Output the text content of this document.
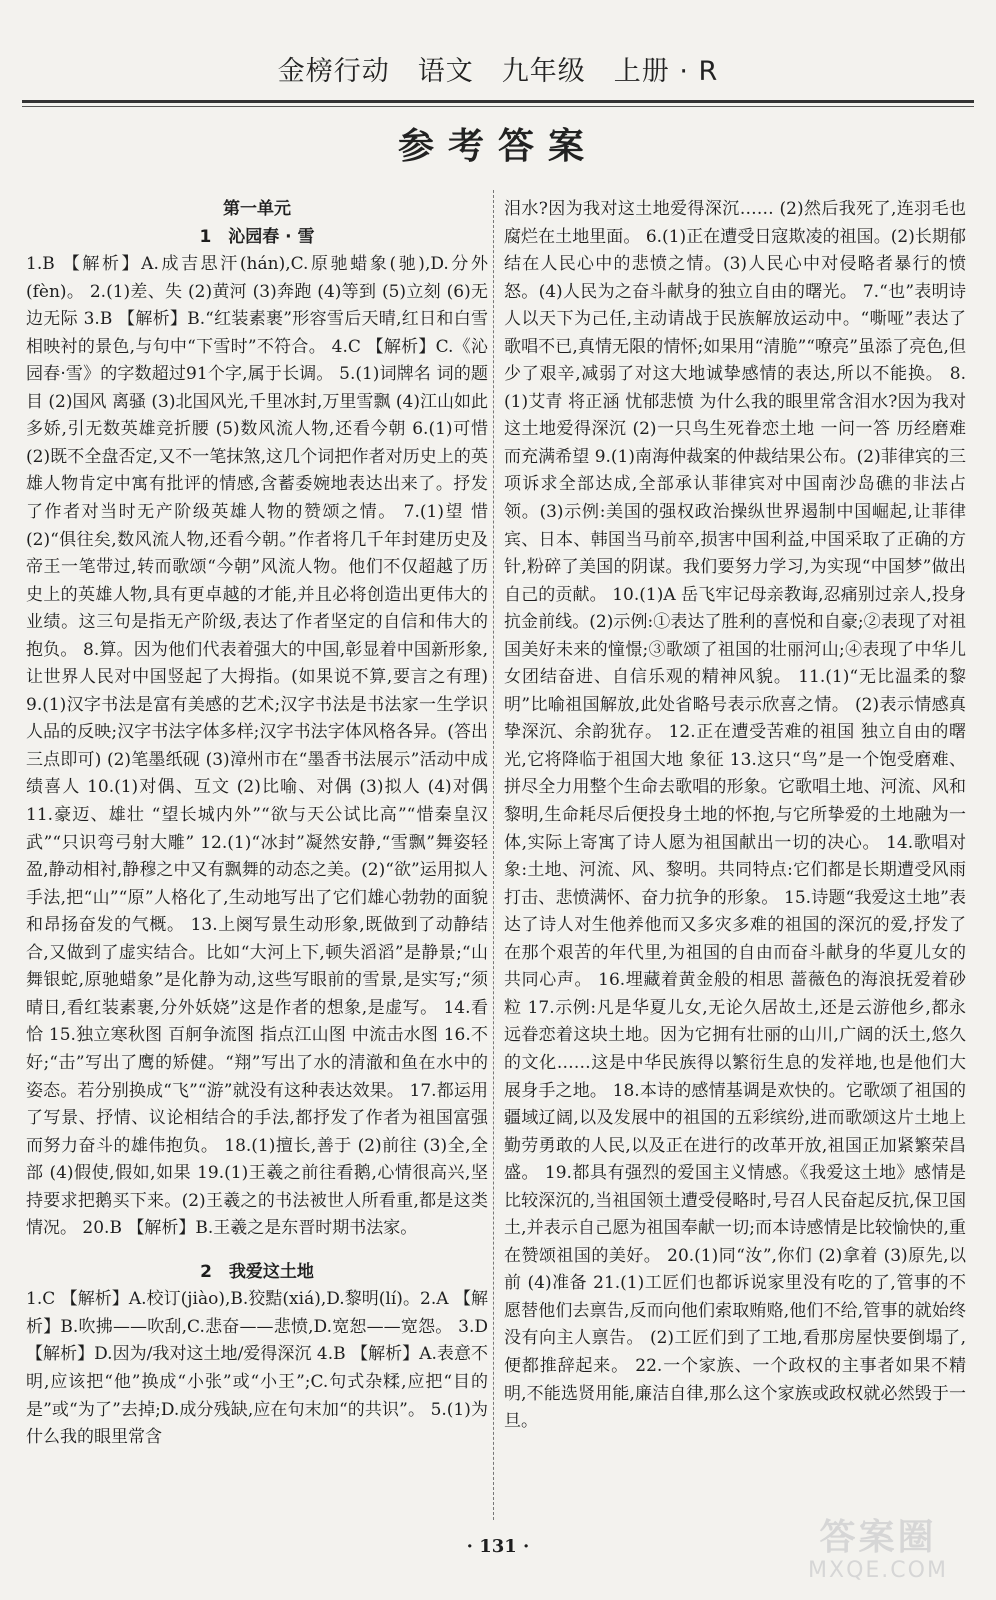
金榜行动　语文　九年级　上册 · R
参考答案

第一单元

1　沁园春 · 雪

1.B 【解析】A.成吉思汗(hán),C.原驰蜡象(驰),D.分外(fèn)。 2.(1)差、失 (2)黄河 (3)奔跑 (4)等到 (5)立刻 (6)无边无际 3.B 【解析】B.“红装素裹”形容雪后天晴,红日和白雪相映衬的景色,与句中“下雪时”不符合。 4.C 【解析】C.《沁园春·雪》的字数超过91个字,属于长调。 5.(1)词牌名 词的题目 (2)国风 离骚 (3)北国风光,千里冰封,万里雪飘 (4)江山如此多娇,引无数英雄竞折腰 (5)数风流人物,还看今朝 6.(1)可惜 (2)既不全盘否定,又不一笔抹煞,这几个词把作者对历史上的英雄人物肯定中寓有批评的情感,含蓄委婉地表达出来了。抒发了作者对当时无产阶级英雄人物的赞颂之情。 7.(1)望 惜 (2)“俱往矣,数风流人物,还看今朝。”作者将几千年封建历史及帝王一笔带过,转而歌颂“今朝”风流人物。他们不仅超越了历史上的英雄人物,具有更卓越的才能,并且必将创造出更伟大的业绩。这三句是指无产阶级,表达了作者坚定的自信和伟大的抱负。 8.算。因为他们代表着强大的中国,彰显着中国新形象,让世界人民对中国竖起了大拇指。(如果说不算,要言之有理) 9.(1)汉字书法是富有美感的艺术;汉字书法是书法家一生学识人品的反映;汉字书法字体多样;汉字书法字体风格各异。(答出三点即可) (2)笔墨纸砚 (3)漳州市在“墨香书法展示”活动中成绩喜人 10.(1)对偶、互文 (2)比喻、对偶 (3)拟人 (4)对偶 11.豪迈、雄壮 “望长城内外”“欲与天公试比高”“惜秦皇汉武”“只识弯弓射大雕” 12.(1)“冰封”凝然安静,“雪飘”舞姿轻盈,静动相衬,静穆之中又有飘舞的动态之美。(2)“欲”运用拟人手法,把“山”“原”人格化了,生动地写出了它们雄心勃勃的面貌和昂扬奋发的气概。 13.上阕写景生动形象,既做到了动静结合,又做到了虚实结合。比如“大河上下,顿失滔滔”是静景;“山舞银蛇,原驰蜡象”是化静为动,这些写眼前的雪景,是实写;“须晴日,看红装素裹,分外妖娆”这是作者的想象,是虚写。 14.看 恰 15.独立寒秋图 百舸争流图 指点江山图 中流击水图 16.不好;“击”写出了鹰的矫健。“翔”写出了水的清澈和鱼在水中的姿态。若分别换成“飞”“游”就没有这种表达效果。 17.都运用了写景、抒情、议论相结合的手法,都抒发了作者为祖国富强而努力奋斗的雄伟抱负。 18.(1)擅长,善于 (2)前往 (3)全,全部 (4)假使,假如,如果 19.(1)王羲之前往看鹅,心情很高兴,坚持要求把鹅买下来。(2)王羲之的书法被世人所看重,都是这类情况。 20.B 【解析】B.王羲之是东晋时期书法家。

2　我爱这土地

1.C 【解析】A.校订(jiào),B.狡黠(xiá),D.黎明(lí)。2.A 【解析】B.吹拂——吹刮,C.悲奋——悲愤,D.宽恕——宽怨。 3.D 【解析】D.因为/我对这土地/爱得深沉 4.B 【解析】A.表意不明,应该把“他”换成“小张”或“小王”;C.句式杂糅,应把“目的是”或“为了”去掉;D.成分残缺,应在句末加“的共识”。 5.(1)为什么我的眼里常含

泪水?因为我对这土地爱得深沉…… (2)然后我死了,连羽毛也腐烂在土地里面。 6.(1)正在遭受日寇欺凌的祖国。(2)长期郁结在人民心中的悲愤之情。(3)人民心中对侵略者暴行的愤怒。(4)人民为之奋斗献身的独立自由的曙光。 7.“也”表明诗人以天下为己任,主动请战于民族解放运动中。“嘶哑”表达了歌唱不已,真情无限的情怀;如果用“清脆”“嘹亮”虽添了亮色,但少了艰辛,减弱了对这大地诚挚感情的表达,所以不能换。 8.(1)艾青 将正涵 忧郁悲愤 为什么我的眼里常含泪水?因为我对这土地爱得深沉 (2)一只鸟生死眷恋土地 一问一答 历经磨难而充满希望 9.(1)南海仲裁案的仲裁结果公布。(2)菲律宾的三项诉求全部达成,全部承认菲律宾对中国南沙岛礁的非法占领。(3)示例:美国的强权政治操纵世界遏制中国崛起,让菲律宾、日本、韩国当马前卒,损害中国利益,中国采取了正确的方针,粉碎了美国的阴谋。我们要努力学习,为实现“中国梦”做出自己的贡献。 10.(1)A 岳飞牢记母亲教诲,忍痛别过亲人,投身抗金前线。(2)示例:①表达了胜利的喜悦和自豪;②表现了对祖国美好未来的憧憬;③歌颂了祖国的壮丽河山;④表现了中华儿女团结奋进、自信乐观的精神风貌。 11.(1)“无比温柔的黎明”比喻祖国解放,此处省略号表示欣喜之情。 (2)表示情感真挚深沉、余韵犹存。 12.正在遭受苦难的祖国 独立自由的曙光,它将降临于祖国大地 象征 13.这只“鸟”是一个饱受磨难、拼尽全力用整个生命去歌唱的形象。它歌唱土地、河流、风和黎明,生命耗尽后便投身土地的怀抱,与它所挚爱的土地融为一体,实际上寄寓了诗人愿为祖国献出一切的决心。 14.歌唱对象:土地、河流、风、黎明。共同特点:它们都是长期遭受风雨打击、悲愤满怀、奋力抗争的形象。 15.诗题“我爱这土地”表达了诗人对生他养他而又多灾多难的祖国的深沉的爱,抒发了在那个艰苦的年代里,为祖国的自由而奋斗献身的华夏儿女的共同心声。 16.埋藏着黄金般的相思 蔷薇色的海浪抚爱着砂粒 17.示例:凡是华夏儿女,无论久居故土,还是云游他乡,都永远眷恋着这块土地。因为它拥有壮丽的山川,广阔的沃土,悠久的文化……这是中华民族得以繁衍生息的发祥地,也是他们大展身手之地。 18.本诗的感情基调是欢快的。它歌颂了祖国的疆域辽阔,以及发展中的祖国的五彩缤纷,进而歌颂这片土地上勤劳勇敢的人民,以及正在进行的改革开放,祖国正加紧繁荣昌盛。 19.都具有强烈的爱国主义情感。《我爱这土地》感情是比较深沉的,当祖国领土遭受侵略时,号召人民奋起反抗,保卫国土,并表示自己愿为祖国奉献一切;而本诗感情是比较愉快的,重在赞颂祖国的美好。 20.(1)同“汝”,你们 (2)拿着 (3)原先,以前 (4)准备 21.(1)工匠们也都诉说家里没有吃的了,管事的不愿替他们去禀告,反而向他们索取贿赂,他们不给,管事的就始终没有向主人禀告。 (2)工匠们到了工地,看那房屋快要倒塌了,便都推辞起来。 22.一个家族、一个政权的主事者如果不精明,不能选贤用能,廉洁自律,那么这个家族或政权就必然毁于一旦。

· 131 ·	答案圈
MXQE.COM
